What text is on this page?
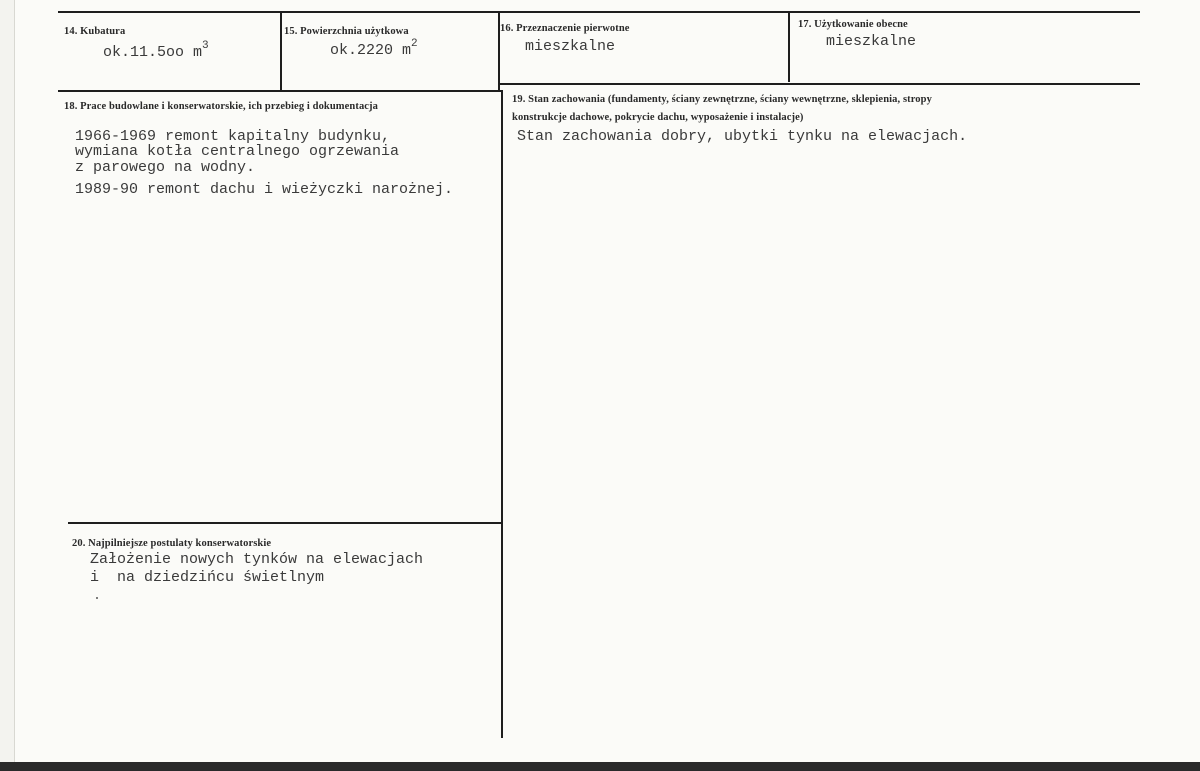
14. Kubatura
ok.11.5oo $m^3$
15. Powierzchnia użytkowa
ok.2220 $m^2$
16. Przeznaczenie pierwotne
mieszkalne
17. Użytkowanie obecne
mieszkalne
18. Prace budowlane i konserwatorskie, ich przebieg i dokumentacja
1966-1969 remont kapitalny budynku,
wymiana kotła centralnego ogrzewania
z parowego na wodny.
1989-90 remont dachu i wieżyczki narożnej.
19. Stan zachowania (fundamenty, ściany zewnętrzne, ściany wewnętrzne, sklepienia, stropy
konstrukcje dachowe, pokrycie dachu, wyposażenie i instalacje)
Stan zachowania dobry, ubytki tynku na elewacjach.
20. Najpilniejsze postulaty konserwatorskie
Założenie nowych tynków na elewacjach
i  na dziedzińcu świetlnym
